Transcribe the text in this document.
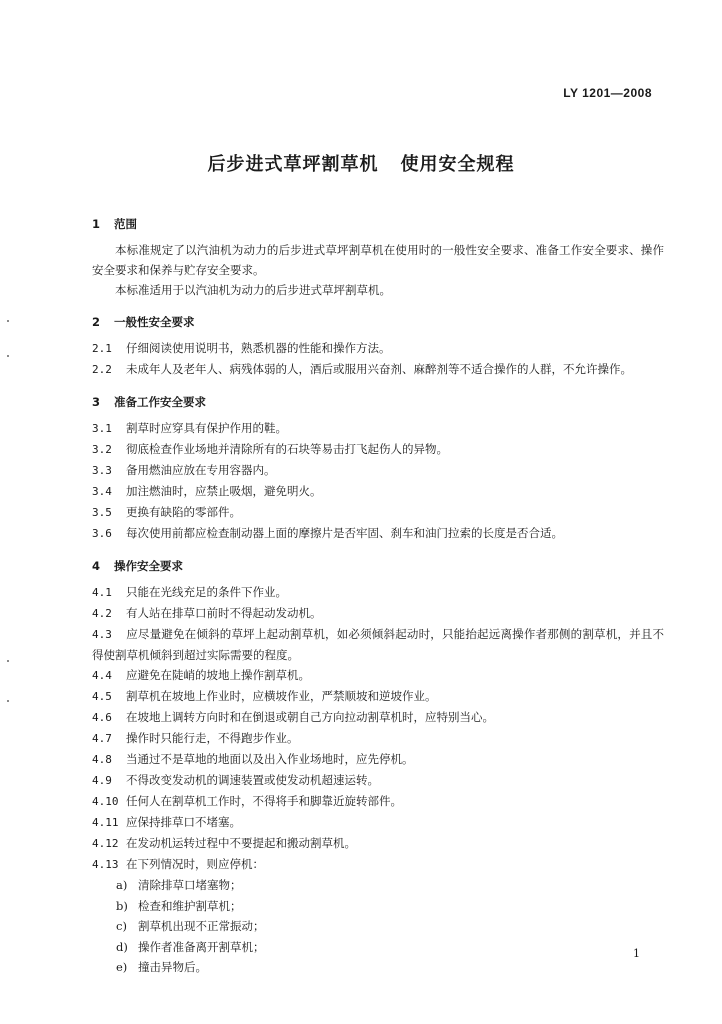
LY 1201—2008
后步进式草坪割草机 使用安全规程
1 范围
本标准规定了以汽油机为动力的后步进式草坪割草机在使用时的一般性安全要求、准备工作安全要求、操作安全要求和保养与贮存安全要求。
本标准适用于以汽油机为动力的后步进式草坪割草机。
2 一般性安全要求
2.1 仔细阅读使用说明书，熟悉机器的性能和操作方法。
2.2 未成年人及老年人、病残体弱的人，酒后或服用兴奋剂、麻醉剂等不适合操作的人群，不允许操作。
3 准备工作安全要求
3.1 割草时应穿具有保护作用的鞋。
3.2 彻底检查作业场地并清除所有的石块等易击打飞起伤人的异物。
3.3 备用燃油应放在专用容器内。
3.4 加注燃油时，应禁止吸烟，避免明火。
3.5 更换有缺陷的零部件。
3.6 每次使用前都应检查制动器上面的摩擦片是否牢固、刹车和油门拉索的长度是否合适。
4 操作安全要求
4.1 只能在光线充足的条件下作业。
4.2 有人站在排草口前时不得起动发动机。
4.3 应尽量避免在倾斜的草坪上起动割草机，如必须倾斜起动时，只能抬起远离操作者那侧的割草机，并且不得使割草机倾斜到超过实际需要的程度。
4.4 应避免在陡峭的坡地上操作割草机。
4.5 割草机在坡地上作业时，应横坡作业，严禁顺坡和逆坡作业。
4.6 在坡地上调转方向时和在倒退或朝自己方向拉动割草机时，应特别当心。
4.7 操作时只能行走，不得跑步作业。
4.8 当通过不是草地的地面以及出入作业场地时，应先停机。
4.9 不得改变发动机的调速装置或使发动机超速运转。
4.10 任何人在割草机工作时，不得将手和脚靠近旋转部件。
4.11 应保持排草口不堵塞。
4.12 在发动机运转过程中不要提起和搬动割草机。
4.13 在下列情况时，则应停机：
a) 清除排草口堵塞物；
b) 检查和维护割草机；
c) 割草机出现不正常振动；
d) 操作者准备离开割草机；
e) 撞击异物后。
1
